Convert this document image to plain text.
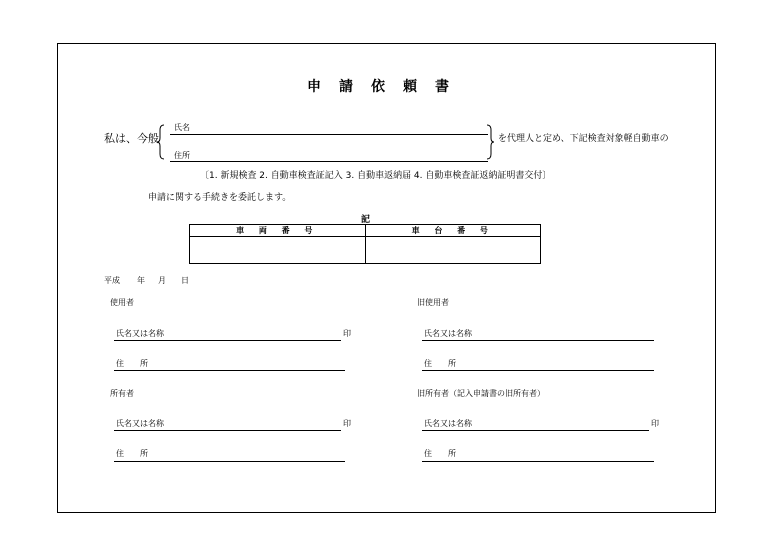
申請依頼書
私は、今般
氏名
住所
を代理人と定め、下記検査対象軽自動車の
〔1. 新規検査 2. 自動車検査証記入 3. 自動車返納届 4. 自動車検査証返納証明書交付〕
申請に関する手続きを委託します。
記
車 両 番 号	車 台 番 号

平成 年 月 日
使用者
氏名又は名称	印
住　　所
旧使用者
氏名又は名称
住　　所
所有者
氏名又は名称	印
住　　所
旧所有者（記入申請書の旧所有者）
氏名又は名称	印
住　　所
